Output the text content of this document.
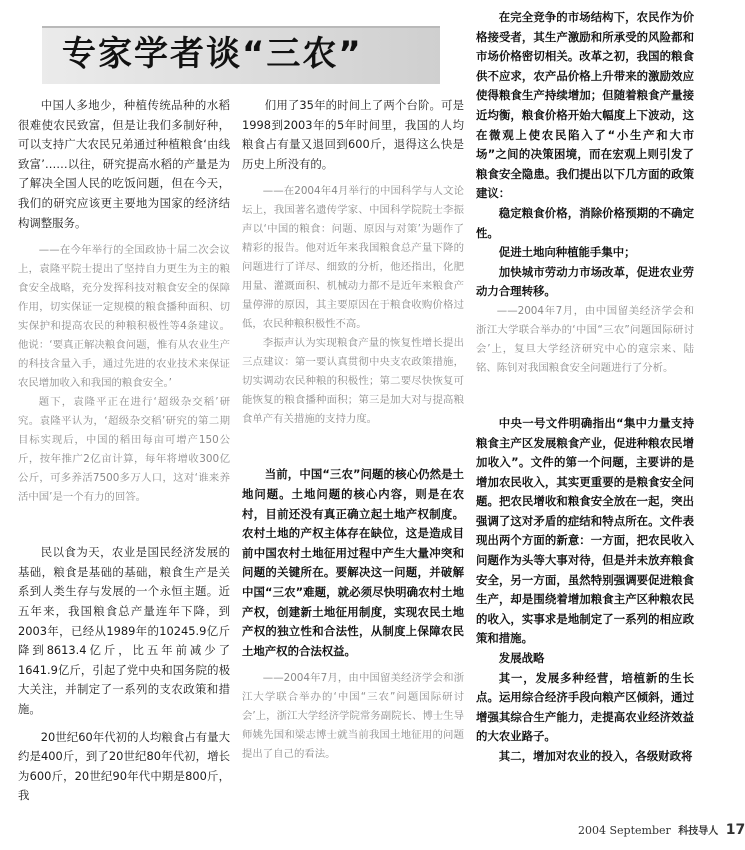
专家学者谈“三农”

中国人多地少，种植传统品种的水稻很难使农民致富，但是让我们多制好种，可以支持广大农民兄弟通过种植粮食‘由线致富’……以往，研究提高水稻的产量是为了解决全国人民的吃饭问题，但在今天，我们的研究应该更主要地为国家的经济结构调整服务。

——在今年举行的全国政协十届二次会议上，袁隆平院士提出了坚持自力更生为主的粮食安全战略，充分发挥科技对粮食安全的保障作用，切实保证一定规模的粮食播种面积、切实保护和提高农民的种粮积极性等4条建议。他说：‘要真正解决粮食问题，惟有从农业生产的科技含量入手，通过先进的农业技术来保证农民增加收入和我国的粮食安全。’

题下，袁隆平正在进行‘超级杂交稻’研究。袁隆平认为，‘超级杂交稻’研究的第二期目标实现后，中国的稻田每亩可增产150公斤，按年推广2亿亩计算，每年将增收300亿公斤，可多养活7500多万人口，这对‘谁来养活中国’是一个有力的回答。

民以食为天，农业是国民经济发展的基础，粮食是基础的基础，粮食生产是关系到人类生存与发展的一个永恒主题。近五年来，我国粮食总产量连年下降，到2003年，已经从1989年的10245.9亿斤降到8613.4亿斤，比五年前减少了1641.9亿斤，引起了党中央和国务院的极大关注，并制定了一系列的支农政策和措施。

20世纪60年代初的人均粮食占有量大约是400斤，到了20世纪80年代初，增长为600斤，20世纪90年代中期是800斤，我

们用了35年的时间上了两个台阶。可是1998到2003年的5年时间里，我国的人均粮食占有量又退回到600斤，退得这么快是历史上所没有的。

——在2004年4月举行的中国科学与人文论坛上，我国著名遗传学家、中国科学院院士李振声以‘中国的粮食：问题、原因与对策’为题作了精彩的报告。他对近年来我国粮食总产量下降的问题进行了详尽、细致的分析，他还指出，化肥用量、灌溉面积、机械动力都不是近年来粮食产量停滞的原因，其主要原因在于粮食收购价格过低，农民种粮积极性不高。

李振声认为实现粮食产量的恢复性增长提出三点建议：第一要认真贯彻中央支农政策措施，切实调动农民种粮的积极性；第二要尽快恢复可能恢复的粮食播种面积；第三是加大对与提高粮食单产有关措施的支持力度。

当前，中国“三农”问题的核心仍然是土地问题。土地问题的核心内容，则是在农村，目前还没有真正确立起土地产权制度。农村土地的产权主体存在缺位，这是造成目前中国农村土地征用过程中产生大量冲突和问题的关键所在。要解决这一问题，并破解中国“三农”难题，就必须尽快明确农村土地产权，创建新土地征用制度，实现农民土地产权的独立性和合法性，从制度上保障农民土地产权的合法权益。

——2004年7月，由中国留美经济学会和浙江大学联合举办的‘中国“三农”问题国际研讨会’上，浙江大学经济学院常务副院长、博士生导师姚先国和梁志博士就当前我国土地征用的问题提出了自己的看法。

在完全竞争的市场结构下，农民作为价格接受者，其生产激励和所承受的风险都和市场价格密切相关。改革之初，我国的粮食供不应求，农产品价格上升带来的激励效应使得粮食生产持续增加；但随着粮食产量接近均衡，粮食价格开始大幅度上下波动，这在微观上使农民陷入了“小生产和大市场”之间的决策困境，而在宏观上则引发了粮食安全隐患。我们提出以下几方面的政策建议：

稳定粮食价格，消除价格预期的不确定性。

促进土地向种植能手集中；

加快城市劳动力市场改革，促进农业劳动力合理转移。

——2004年7月，由中国留美经济学会和浙江大学联合举办的‘中国“三农”问题国际研讨会’上，复旦大学经济研究中心的寇宗来、陆铭、陈钊对我国粮食安全问题进行了分析。

中央一号文件明确指出“集中力量支持粮食主产区发展粮食产业，促进种粮农民增加收入”。文件的第一个问题，主要讲的是增加农民收入，其实更重要的是粮食安全问题。把农民增收和粮食安全放在一起，突出强调了这对矛盾的症结和特点所在。文件表现出两个方面的新意：一方面，把农民收入问题作为头等大事对待，但是并未放弃粮食安全，另一方面，虽然特别强调要促进粮食生产，却是围绕着增加粮食主产区种粮农民的收入，实事求是地制定了一系列的相应政策和措施。

发展战略

其一，发展多种经营，培植新的生长点。运用综合经济手段向粮产区倾斜，通过增强其综合生产能力，走提高农业经济效益的大农业路子。

其二，增加对农业的投入，各级财政将

2004 September 科技导人 17
